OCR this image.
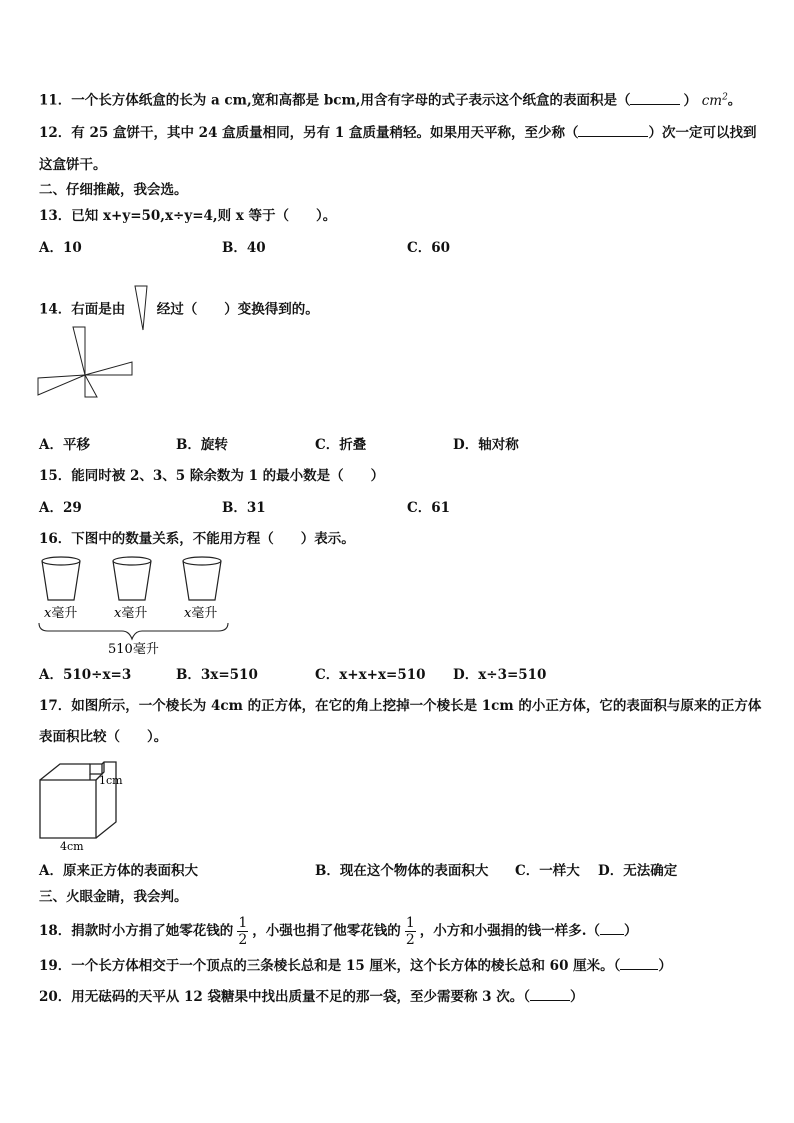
11．一个长方体纸盒的长为 a cm,宽和高都是 bcm,用含有字母的式子表示这个纸盒的表面积是（	） $cm^2$。
12．有 25 盒饼干，其中 24 盒质量相同，另有 1 盒质量稍轻。如果用天平称，至少称（	）次一定可以找到
这盒饼干。
二、仔细推敲，我会选。
13．已知 x+y=50,x÷y=4,则 x 等于（　　）。
A．10	B．40	C．60
14．右面是由 经过（　　）变换得到的。
A．平移	B．旋转	C．折叠	D．轴对称
15．能同时被 2、3、5 除余数为 1 的最小数是（　　）
A．29	B．31	C．61
16．下图中的数量关系，不能用方程（　　）表示。
x毫升	x毫升	x毫升
510毫升
A．510÷x=3	B．3x=510	C．x+x+x=510 D．x÷3=510
17．如图所示，一个棱长为 4cm 的正方体，在它的角上挖掉一个棱长是 1cm 的小正方体，它的表面积与原来的正方体
表面积比较（　　）。
1cm
4cm
A．原来正方体的表面积大	B．现在这个物体的表面积大 C．一样大 D．无法确定
三、火眼金睛，我会判。
18．捐款时小方捐了她零花钱的 $\frac{1}{2}$ ，小强也捐了他零花钱的 $\frac{1}{2}$ ，小方和小强捐的钱一样多.（ ）
19．一个长方体相交于一个顶点的三条棱长总和是 15 厘米，这个长方体的棱长总和 60 厘米。（	）
20．用无砝码的天平从 12 袋糖果中找出质量不足的那一袋，至少需要称 3 次。（	）
